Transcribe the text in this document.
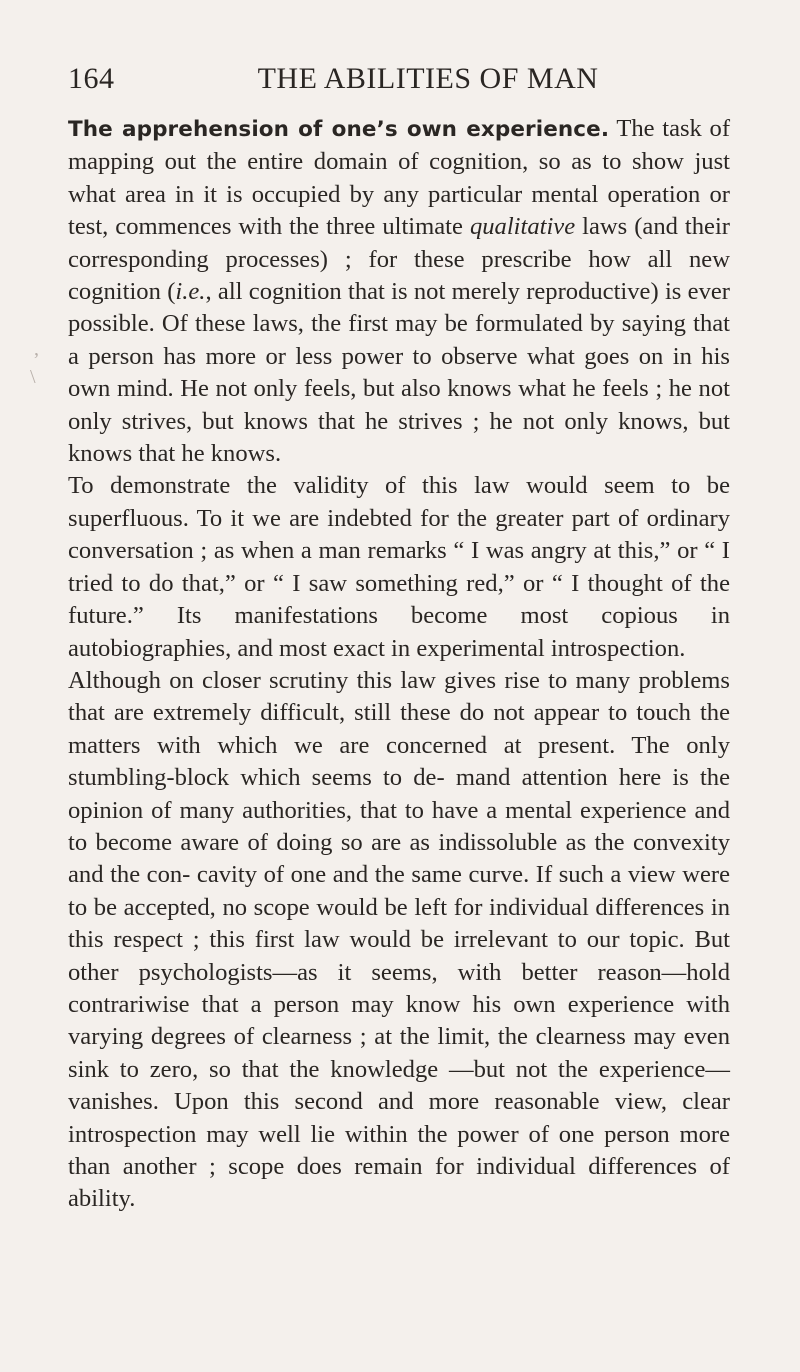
164	THE ABILITIES OF MAN
,
\

The apprehension of one’s own experience. The task of mapping out the entire domain of cognition, so as to show just what area in it is occupied by any particular mental operation or test, commences with the three ultimate qualitative laws (and their corresponding processes) ; for these prescribe how all new cognition (i.e., all cognition that is not merely reproductive) is ever possible. Of these laws, the first may be formulated by saying that a person has more or less power to observe what goes on in his own mind. He not only feels, but also knows what he feels ; he not only strives, but knows that he strives ; he not only knows, but knows that he knows.

To demonstrate the validity of this law would seem to be superfluous. To it we are indebted for the greater part of ordinary conversation ; as when a man remarks “ I was angry at this,” or “ I tried to do that,” or “ I saw something red,” or “ I thought of the future.” Its manifestations become most copious in autobiographies, and most exact in experimental introspection.

Although on closer scrutiny this law gives rise to many problems that are extremely difficult, still these do not appear to touch the matters with which we are concerned at present. The only stumbling-block which seems to de- mand attention here is the opinion of many authorities, that to have a mental experience and to become aware of doing so are as indissoluble as the convexity and the con- cavity of one and the same curve. If such a view were to be accepted, no scope would be left for individual differences in this respect ; this first law would be irrelevant to our topic. But other psychologists—as it seems, with better reason—hold contrariwise that a person may know his own experience with varying degrees of clearness ; at the limit, the clearness may even sink to zero, so that the knowledge —but not the experience—vanishes. Upon this second and more reasonable view, clear introspection may well lie within the power of one person more than another ; scope does remain for individual differences of ability.
